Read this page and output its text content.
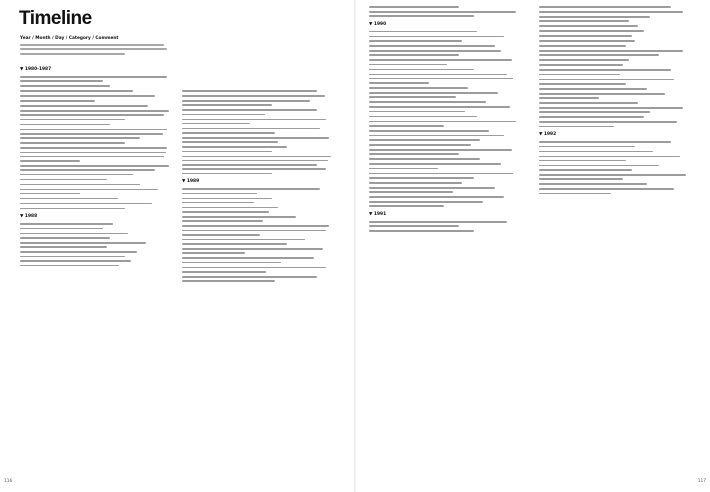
Timeline
Year / Month / Day / Category / Comment
▼ 1980-1987
▼ 1988
▼ 1989
116
▼ 1990
▼ 1991
▼ 1992
117
